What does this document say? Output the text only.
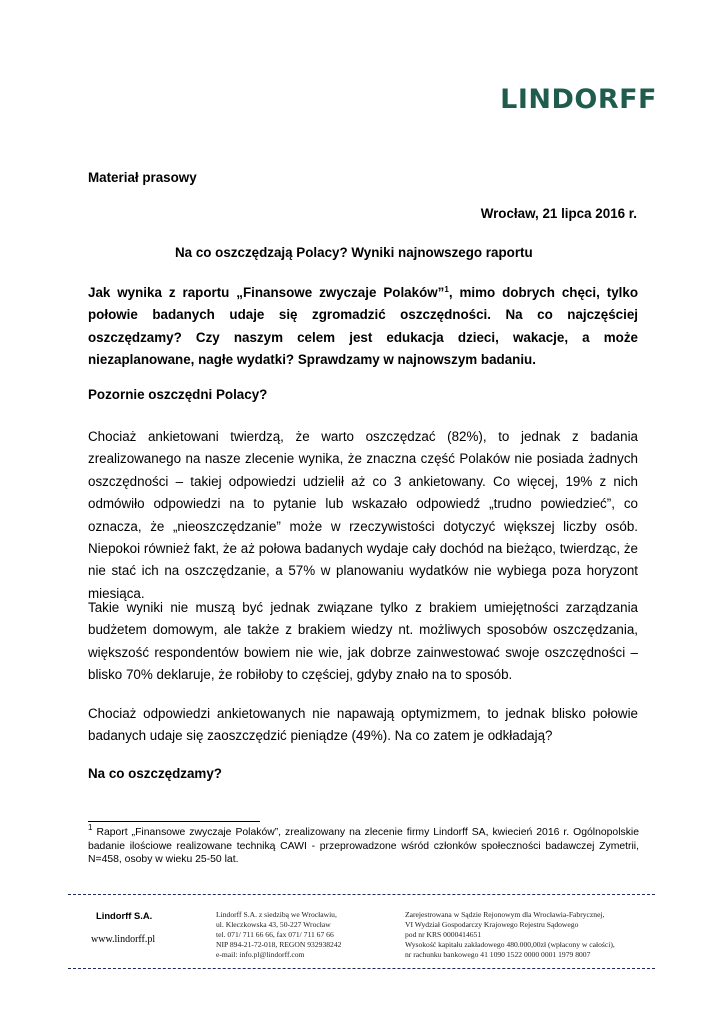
LINDORFF
Materiał prasowy
Wrocław, 21 lipca 2016 r.
Na co oszczędzają Polacy? Wyniki najnowszego raportu
Jak wynika z raportu „Finansowe zwyczaje Polaków”$^1$, mimo dobrych chęci, tylko połowie badanych udaje się zgromadzić oszczędności. Na co najczęściej oszczędzamy? Czy naszym celem jest edukacja dzieci, wakacje, a może niezaplanowane, nagłe wydatki? Sprawdzamy w najnowszym badaniu.
Pozornie oszczędni Polacy?

Chociaż ankietowani twierdzą, że warto oszczędzać (82%), to jednak z badania zrealizowanego na nasze zlecenie wynika, że znaczna część Polaków nie posiada żadnych oszczędności – takiej odpowiedzi udzielił aż co 3 ankietowany. Co więcej, 19% z nich odmówiło odpowiedzi na to pytanie lub wskazało odpowiedź „trudno powiedzieć”, co oznacza, że „nieoszczędzanie” może w rzeczywistości dotyczyć większej liczby osób. Niepokoi również fakt, że aż połowa badanych wydaje cały dochód na bieżąco, twierdząc, że nie stać ich na oszczędzanie, a 57% w planowaniu wydatków nie wybiega poza horyzont miesiąca.

Takie wyniki nie muszą być jednak związane tylko z brakiem umiejętności zarządzania budżetem domowym, ale także z brakiem wiedzy nt. możliwych sposobów oszczędzania, większość respondentów bowiem nie wie, jak dobrze zainwestować swoje oszczędności – blisko 70% deklaruje, że robiłoby to częściej, gdyby znało na to sposób.

Chociaż odpowiedzi ankietowanych nie napawają optymizmem, to jednak blisko połowie badanych udaje się zaoszczędzić pieniądze (49%). Na co zatem je odkładają?

Na co oszczędzamy?
$^1$ Raport „Finansowe zwyczaje Polaków”, zrealizowany na zlecenie firmy Lindorff SA, kwiecień 2016 r. Ogólnopolskie badanie ilościowe realizowane techniką CAWI - przeprowadzone wśród członków społeczności badawczej Zymetrii, N=458, osoby w wieku 25-50 lat.
Lindorff S.A.
www.lindorff.pl
Lindorff S.A. z siedzibą we Wrocławiu,
ul. Kleczkowska 43, 50-227 Wrocław
tel. 071/ 711 66 66, fax 071/ 711 67 66
NIP 894-21-72-018, REGON 932938242
e-mail: info.pl@lindorff.com
Zarejestrowana w Sądzie Rejonowym dla Wrocławia-Fabrycznej,
VI Wydział Gospodarczy Krajowego Rejestru Sądowego
pod nr KRS 0000414651
Wysokość kapitału zakładowego 480.000,00zł (wpłacony w całości),
nr rachunku bankowego 41 1090 1522 0000 0001 1979 8007
